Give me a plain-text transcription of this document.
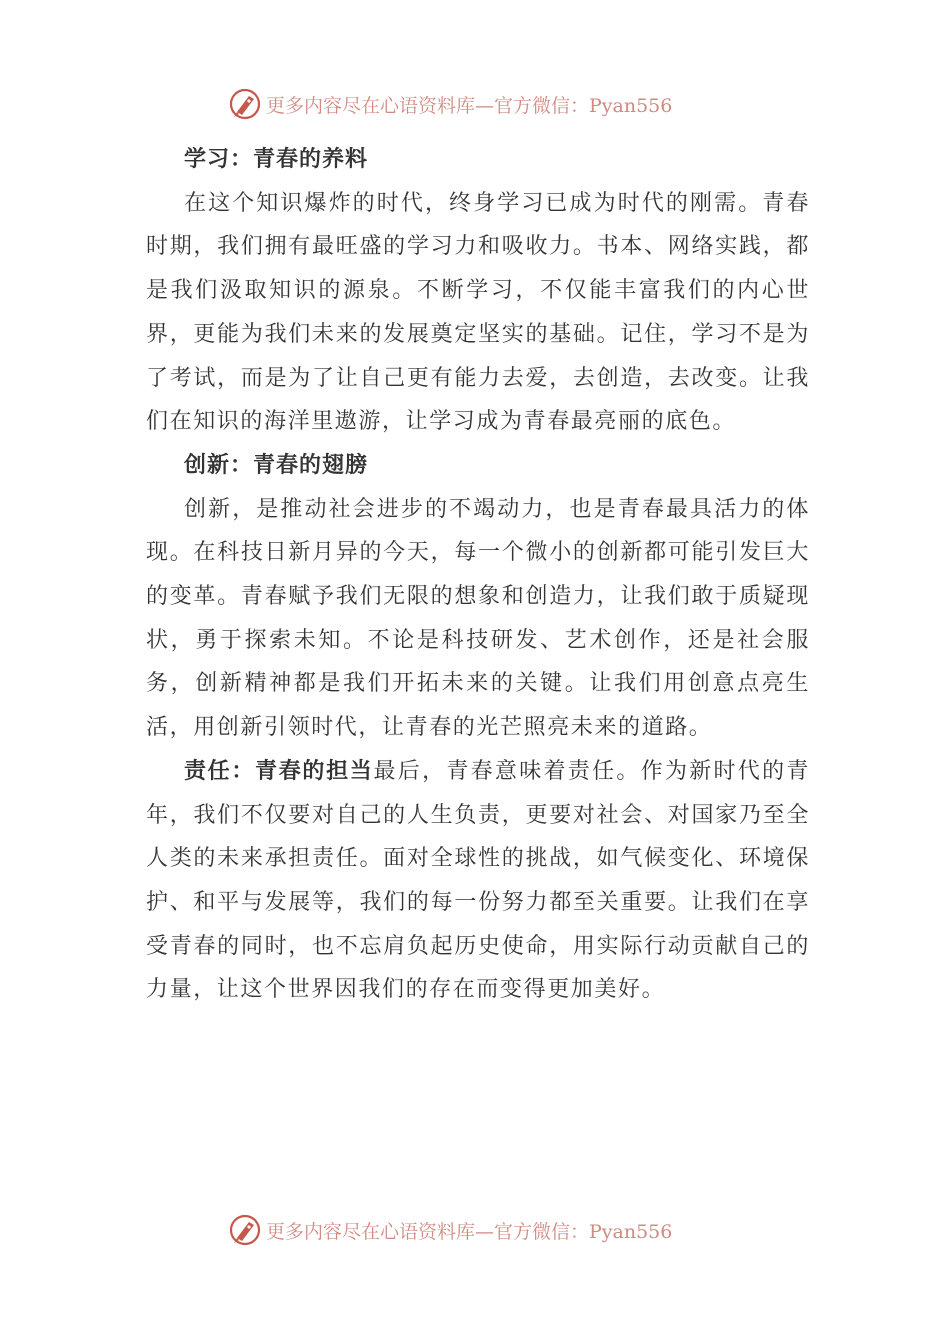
更多内容尽在心语资料库—官方微信：Pyan556

学习：青春的养料

在这个知识爆炸的时代，终身学习已成为时代的刚需。青春时期，我们拥有最旺盛的学习力和吸收力。书本、网络实践，都是我们汲取知识的源泉。不断学习，不仅能丰富我们的内心世界，更能为我们未来的发展奠定坚实的基础。记住，学习不是为了考试，而是为了让自己更有能力去爱，去创造，去改变。让我们在知识的海洋里遨游，让学习成为青春最亮丽的底色。

创新：青春的翅膀

创新，是推动社会进步的不竭动力，也是青春最具活力的体现。在科技日新月异的今天，每一个微小的创新都可能引发巨大的变革。青春赋予我们无限的想象和创造力，让我们敢于质疑现状，勇于探索未知。不论是科技研发、艺术创作，还是社会服务，创新精神都是我们开拓未来的关键。让我们用创意点亮生活，用创新引领时代，让青春的光芒照亮未来的道路。

责任：青春的担当最后，青春意味着责任。作为新时代的青年，我们不仅要对自己的人生负责，更要对社会、对国家乃至全人类的未来承担责任。面对全球性的挑战，如气候变化、环境保护、和平与发展等，我们的每一份努力都至关重要。让我们在享受青春的同时，也不忘肩负起历史使命，用实际行动贡献自己的力量，让这个世界因我们的存在而变得更加美好。

更多内容尽在心语资料库—官方微信：Pyan556
